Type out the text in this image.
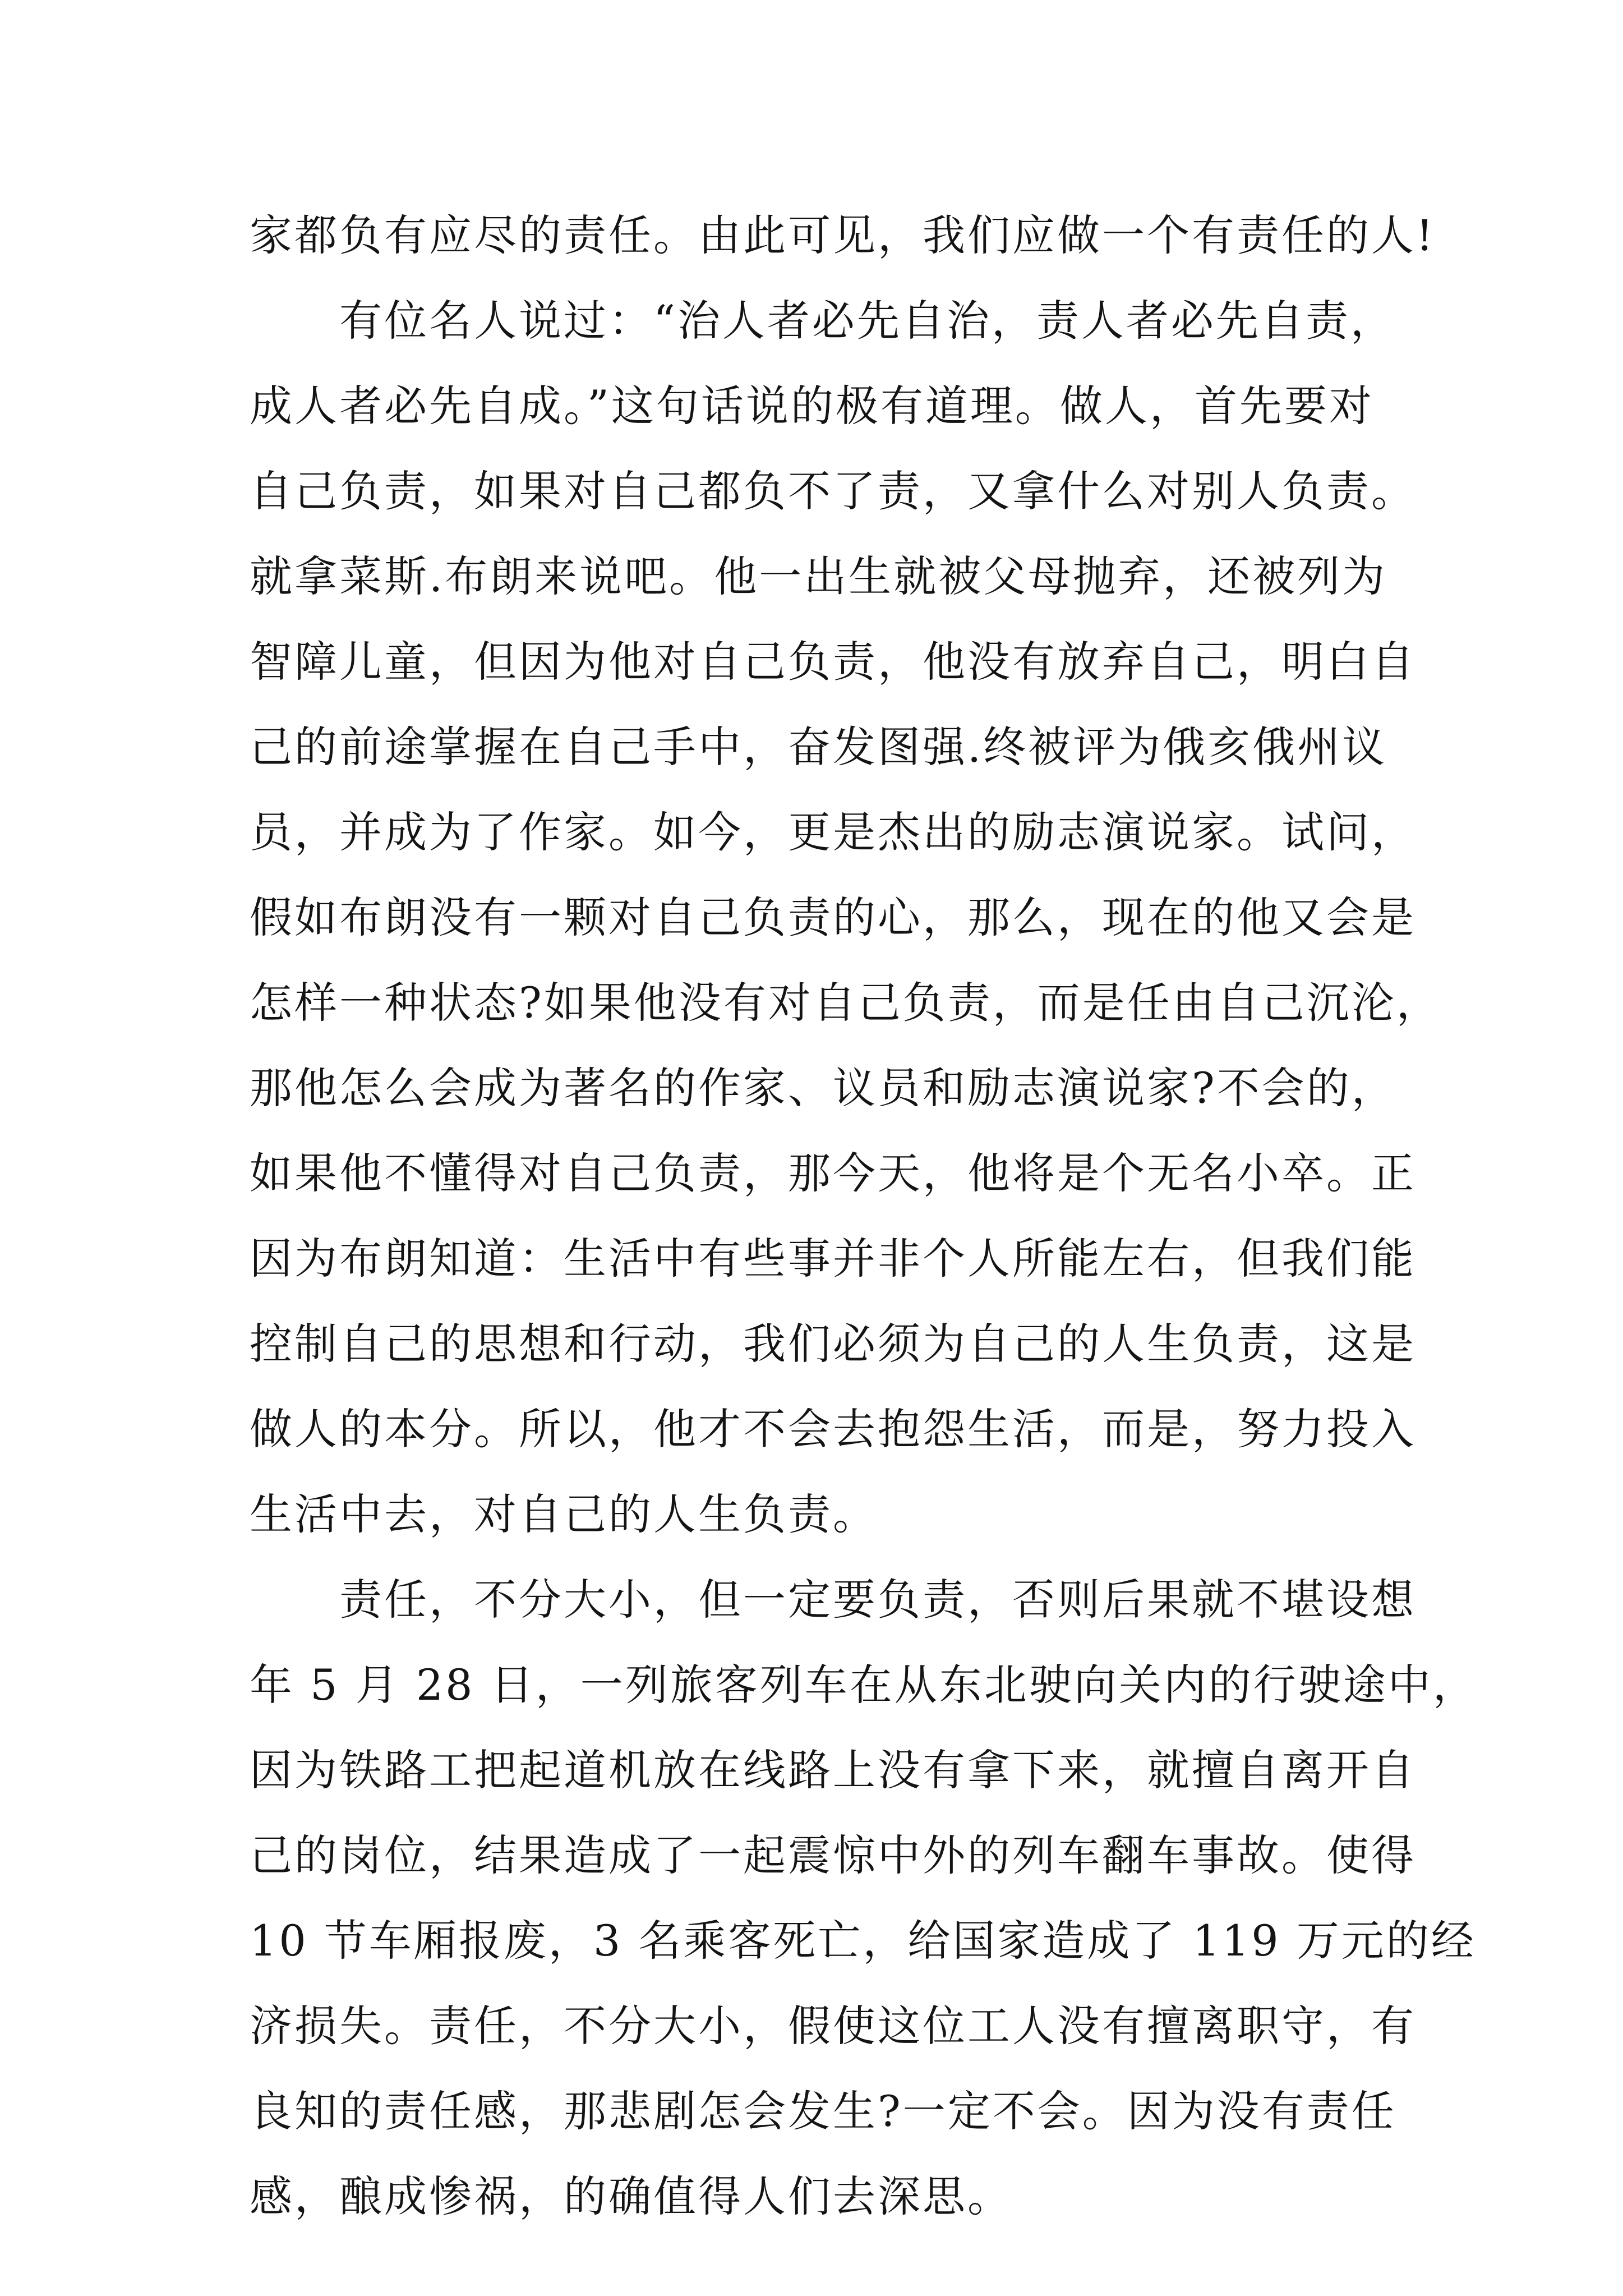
家都负有应尽的责任。由此可见，我们应做一个有责任的人!
　　有位名人说过：“治人者必先自治，责人者必先自责，
成人者必先自成。”这句话说的极有道理。做人，首先要对
自己负责，如果对自己都负不了责，又拿什么对别人负责。
就拿菜斯.布朗来说吧。他一出生就被父母抛弃，还被列为
智障儿童，但因为他对自己负责，他没有放弃自己，明白自
己的前途掌握在自己手中，奋发图强.终被评为俄亥俄州议
员，并成为了作家。如今，更是杰出的励志演说家。试问，
假如布朗没有一颗对自己负责的心，那么，现在的他又会是
怎样一种状态?如果他没有对自己负责，而是任由自己沉沦，
那他怎么会成为著名的作家、议员和励志演说家?不会的，
如果他不懂得对自己负责，那今天，他将是个无名小卒。正
因为布朗知道：生活中有些事并非个人所能左右，但我们能
控制自己的思想和行动，我们必须为自己的人生负责，这是
做人的本分。所以，他才不会去抱怨生活，而是，努力投入
生活中去，对自己的人生负责。
　　责任，不分大小，但一定要负责，否则后果就不堪设想
年 5 月 28 日，一列旅客列车在从东北驶向关内的行驶途中，
因为铁路工把起道机放在线路上没有拿下来，就擅自离开自
己的岗位，结果造成了一起震惊中外的列车翻车事故。使得
10 节车厢报废，3 名乘客死亡，给国家造成了 119 万元的经
济损失。责任，不分大小，假使这位工人没有擅离职守，有
良知的责任感，那悲剧怎会发生?一定不会。因为没有责任
感，酿成惨祸，的确值得人们去深思。
